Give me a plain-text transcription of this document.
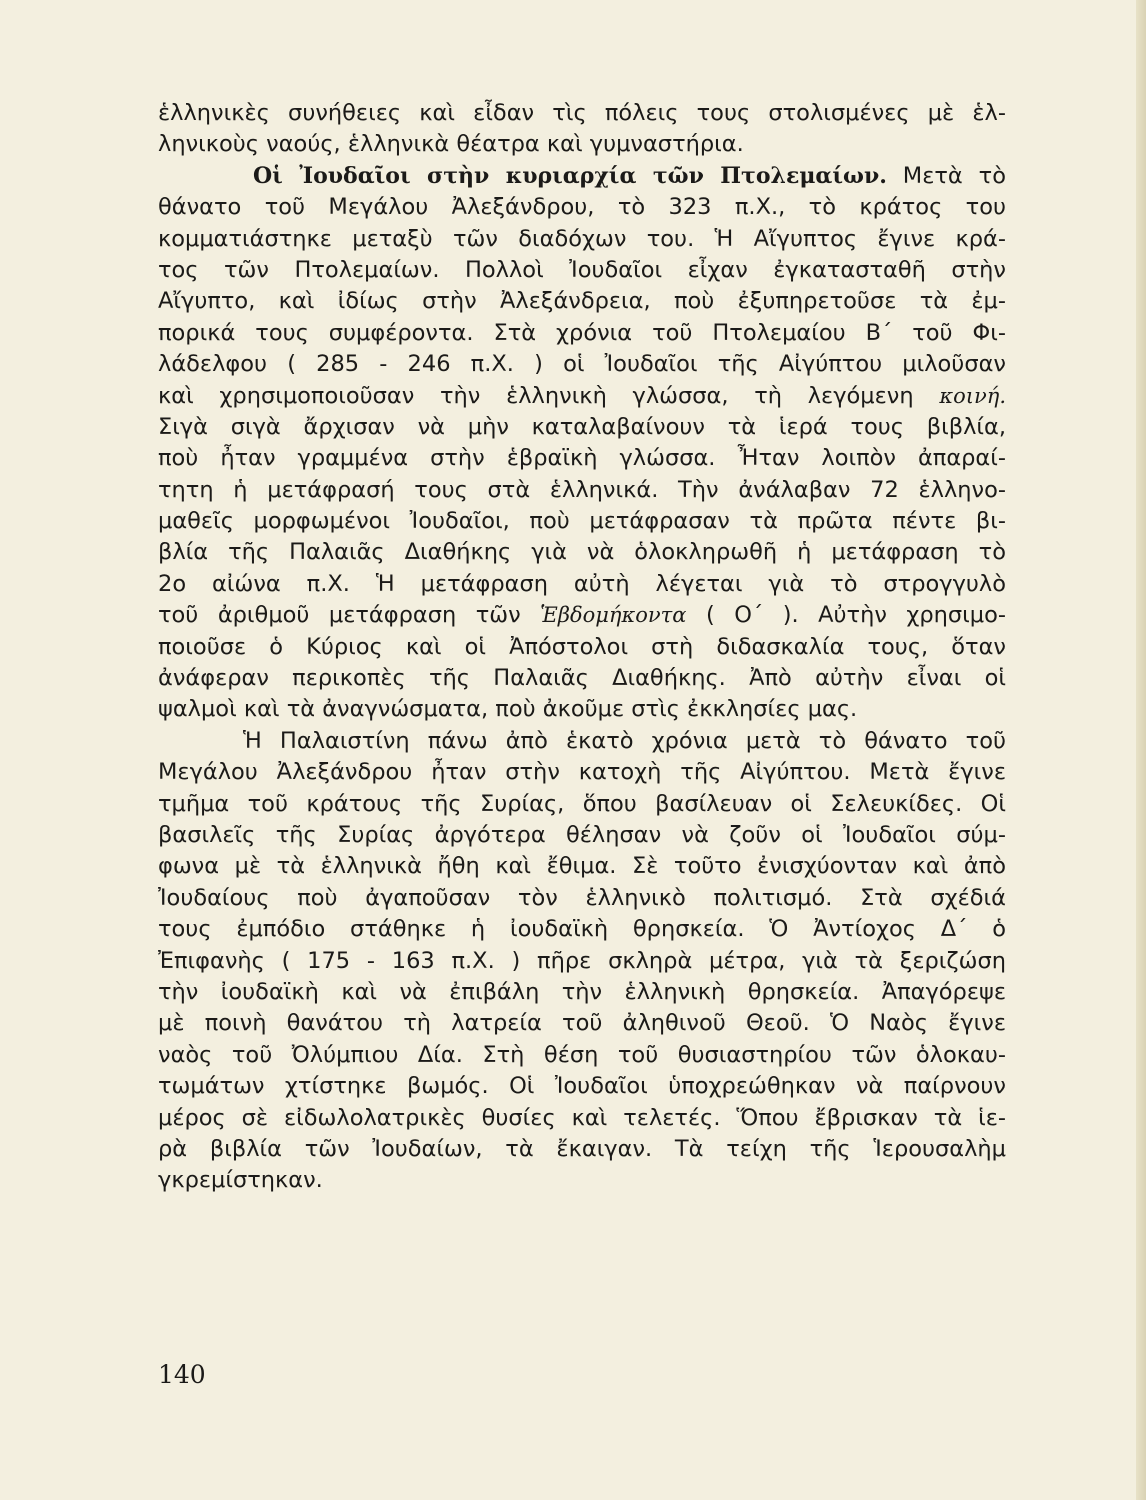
ἑλληνικὲς συνήθειες καὶ εἶδαν τὶς πόλεις τους στολισμένες μὲ ἑλ-
ληνικοὺς ναούς, ἑλληνικὰ θέατρα καὶ γυμναστήρια.
Οἱ Ἰουδαῖοι στὴν κυριαρχία τῶν Πτολεμαίων. Μετὰ τὸ
θάνατο τοῦ Μεγάλου Ἀλεξάνδρου, τὸ 323 π.Χ., τὸ κράτος του
κομματιάστηκε μεταξὺ τῶν διαδόχων του. Ἡ Αἴγυπτος ἔγινε κρά-
τος τῶν Πτολεμαίων. Πολλοὶ Ἰουδαῖοι εἶχαν ἐγκατασταθῆ στὴν
Αἴγυπτο, καὶ ἰδίως στὴν Ἀλεξάνδρεια, ποὺ ἐξυπηρετοῦσε τὰ ἐμ-
πορικά τους συμφέροντα. Στὰ χρόνια τοῦ Πτολεμαίου Β΄ τοῦ Φι-
λάδελφου ( 285 - 246 π.Χ. ) οἱ Ἰουδαῖοι τῆς Αἰγύπτου μιλοῦσαν
καὶ χρησιμοποιοῦσαν τὴν ἑλληνικὴ γλώσσα, τὴ λεγόμενη κοινή.
Σιγὰ σιγὰ ἄρχισαν νὰ μὴν καταλαβαίνουν τὰ ἱερά τους βιβλία,
ποὺ ἦταν γραμμένα στὴν ἑβραϊκὴ γλώσσα. Ἦταν λοιπὸν ἀπαραί-
τητη ἡ μετάφρασή τους στὰ ἑλληνικά. Τὴν ἀνάλαβαν 72 ἑλληνο-
μαθεῖς μορφωμένοι Ἰουδαῖοι, ποὺ μετάφρασαν τὰ πρῶτα πέντε βι-
βλία τῆς Παλαιᾶς Διαθήκης γιὰ νὰ ὁλοκληρωθῆ ἡ μετάφραση τὸ
2ο αἰώνα π.Χ. Ἡ μετάφραση αὐτὴ λέγεται γιὰ τὸ στρογγυλὸ
τοῦ ἀριθμοῦ μετάφραση τῶν Ἑβδομήκοντα ( Ο΄ ). Αὐτὴν χρησιμο-
ποιοῦσε ὁ Κύριος καὶ οἱ Ἀπόστολοι στὴ διδασκαλία τους, ὅταν
ἀνάφεραν περικοπὲς τῆς Παλαιᾶς Διαθήκης. Ἀπὸ αὐτὴν εἶναι οἱ
ψαλμοὶ καὶ τὰ ἀναγνώσματα, ποὺ ἀκοῦμε στὶς ἐκκλησίες μας.
Ἡ Παλαιστίνη πάνω ἀπὸ ἑκατὸ χρόνια μετὰ τὸ θάνατο τοῦ
Μεγάλου Ἀλεξάνδρου ἦταν στὴν κατοχὴ τῆς Αἰγύπτου. Μετὰ ἔγινε
τμῆμα τοῦ κράτους τῆς Συρίας, ὅπου βασίλευαν οἱ Σελευκίδες. Οἱ
βασιλεῖς τῆς Συρίας ἀργότερα θέλησαν νὰ ζοῦν οἱ Ἰουδαῖοι σύμ-
φωνα μὲ τὰ ἑλληνικὰ ἤθη καὶ ἔθιμα. Σὲ τοῦτο ἐνισχύονταν καὶ ἀπὸ
Ἰουδαίους ποὺ ἀγαποῦσαν τὸν ἑλληνικὸ πολιτισμό. Στὰ σχέδιά
τους ἐμπόδιο στάθηκε ἡ ἰουδαϊκὴ θρησκεία. Ὁ Ἀντίοχος Δ΄ ὁ
Ἐπιφανὴς ( 175 - 163 π.Χ. ) πῆρε σκληρὰ μέτρα, γιὰ τὰ ξεριζώση
τὴν ἰουδαϊκὴ καὶ νὰ ἐπιβάλη τὴν ἑλληνικὴ θρησκεία. Ἀπαγόρεψε
μὲ ποινὴ θανάτου τὴ λατρεία τοῦ ἀληθινοῦ Θεοῦ. Ὁ Ναὸς ἔγινε
ναὸς τοῦ Ὀλύμπιου Δία. Στὴ θέση τοῦ θυσιαστηρίου τῶν ὁλοκαυ-
τωμάτων χτίστηκε βωμός. Οἱ Ἰουδαῖοι ὑποχρεώθηκαν νὰ παίρνουν
μέρος σὲ εἰδωλολατρικὲς θυσίες καὶ τελετές. Ὅπου ἔβρισκαν τὰ ἱε-
ρὰ βιβλία τῶν Ἰουδαίων, τὰ ἔκαιγαν. Τὰ τείχη τῆς Ἱερουσαλὴμ
γκρεμίστηκαν.
140
